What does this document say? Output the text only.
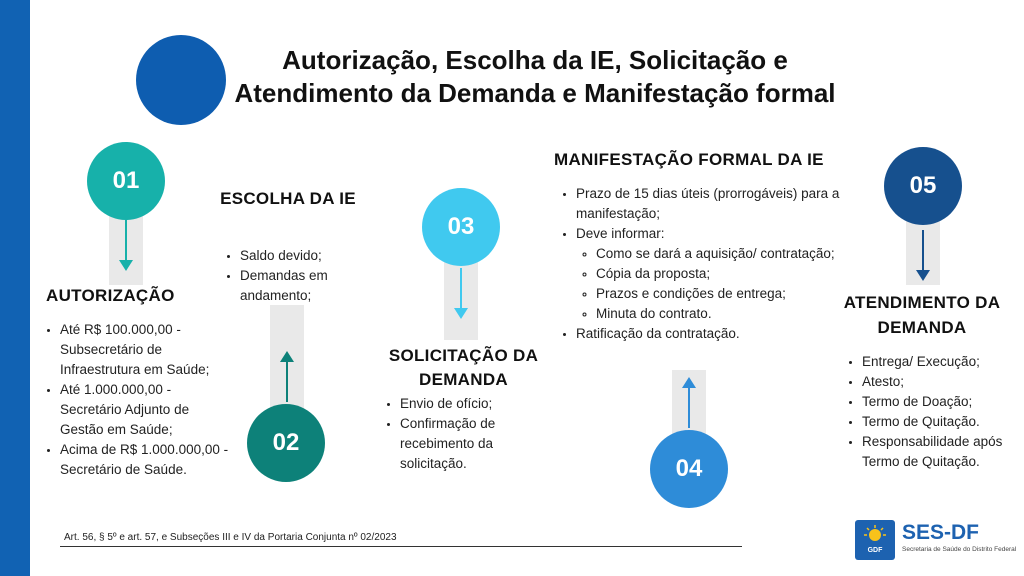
Autorização, Escolha da IE, Solicitação e
Atendimento da Demanda e Manifestação formal
01
AUTORIZAÇÃO
• Até R$ 100.000,00 - Subsecretário de Infraestrutura em Saúde;
• Até 1.000.000,00 - Secretário Adjunto de Gestão em Saúde;
• Acima de R$ 1.000.000,00 - Secretário de Saúde.
ESCOLHA DA IE
• Saldo devido;
• Demandas em andamento;
02
03
SOLICITAÇÃO DA DEMANDA
• Envio de ofício;
• Confirmação de recebimento da solicitação.
MANIFESTAÇÃO FORMAL DA IE
• Prazo de 15 dias úteis (prorrogáveis) para a manifestação;
• Deve informar:
◦ Como se dará a aquisição/ contratação;
◦ Cópia da proposta;
◦ Prazos e condições de entrega;
◦ Minuta do contrato.
• Ratificação da contratação.
04
05
ATENDIMENTO DA DEMANDA
• Entrega/ Execução;
• Atesto;
• Termo de Doação;
• Termo de Quitação.
• Responsabilidade após Termo de Quitação.
Art. 56, § 5º e art. 57, e Subseções III e IV da Portaria Conjunta nº 02/2023
GDF
SES-DF
Secretaria de Saúde do Distrito Federal
